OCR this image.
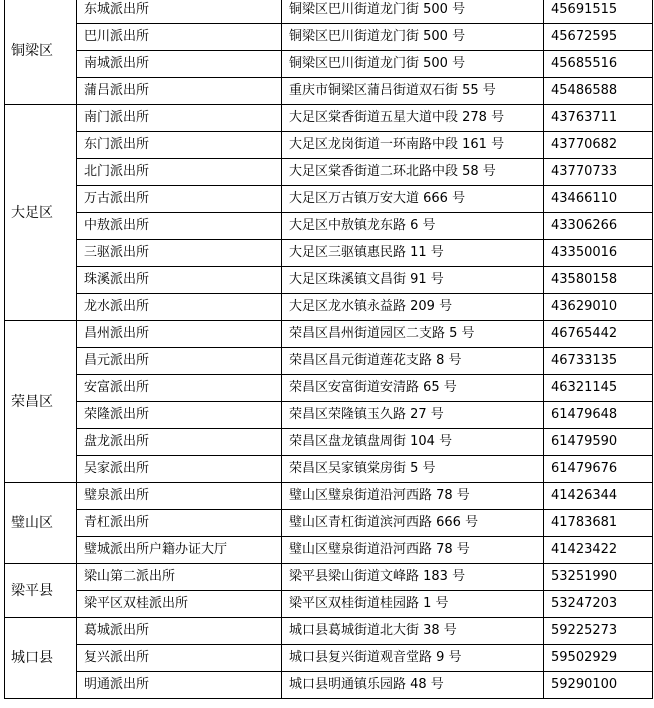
铜梁区	东城派出所	铜梁区巴川街道龙门街 500 号	45691515
	巴川派出所	铜梁区巴川街道龙门街 500 号	45672595
	南城派出所	铜梁区巴川街道龙门街 500 号	45685516
	蒲吕派出所	重庆市铜梁区蒲吕街道双石街 55 号	45486588
大足区	南门派出所	大足区棠香街道五星大道中段 278 号	43763711
	东门派出所	大足区龙岗街道一环南路中段 161 号	43770682
	北门派出所	大足区棠香街道二环北路中段 58 号	43770733
	万古派出所	大足区万古镇万安大道 666 号	43466110
	中敖派出所	大足区中敖镇龙东路 6 号	43306266
	三驱派出所	大足区三驱镇惠民路 11 号	43350016
	珠溪派出所	大足区珠溪镇文昌街 91 号	43580158
	龙水派出所	大足区龙水镇永益路 209 号	43629010
荣昌区	昌州派出所	荣昌区昌州街道园区二支路 5 号	46765442
	昌元派出所	荣昌区昌元街道莲花支路 8 号	46733135
	安富派出所	荣昌区安富街道安清路 65 号	46321145
	荣隆派出所	荣昌区荣隆镇玉久路 27 号	61479648
	盘龙派出所	荣昌区盘龙镇盘周街 104 号	61479590
	吴家派出所	荣昌区吴家镇棠房街 5 号	61479676
璧山区	璧泉派出所	璧山区璧泉街道沿河西路 78 号	41426344
	青杠派出所	璧山区青杠街道滨河西路 666 号	41783681
	璧城派出所户籍办证大厅	璧山区璧泉街道沿河西路 78 号	41423422
梁平县	梁山第二派出所	梁平县梁山街道文峰路 183 号	53251990
	梁平区双桂派出所	梁平区双桂街道桂园路 1 号	53247203
城口县	葛城派出所	城口县葛城街道北大街 38 号	59225273
	复兴派出所	城口县复兴街道观音堂路 9 号	59502929
	明通派出所	城口县明通镇乐园路 48 号	59290100
